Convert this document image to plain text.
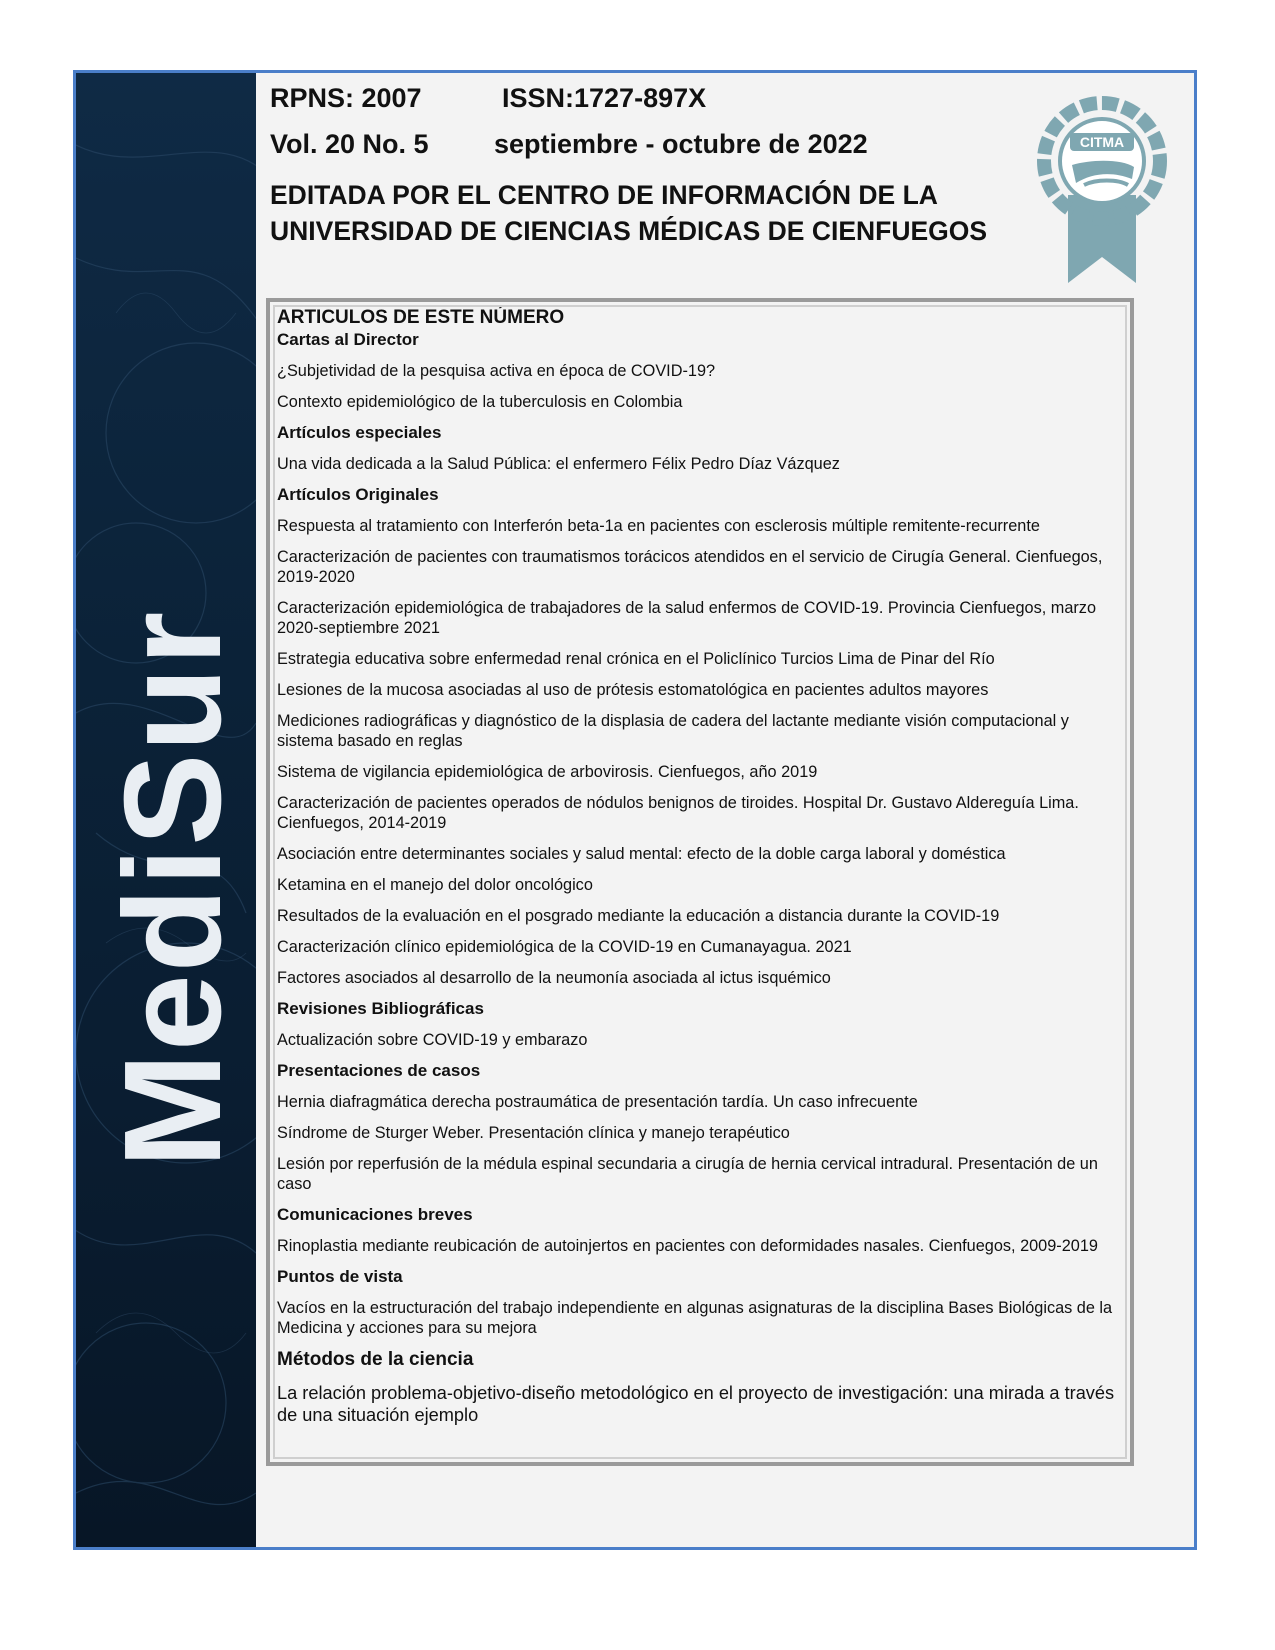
MediSur
RPNS: 2007	ISSN:1727-897X
Vol. 20 No. 5 septiembre - octubre de 2022
EDITADA POR EL CENTRO DE INFORMACIÓN DE LA
UNIVERSIDAD DE CIENCIAS MÉDICAS DE CIENFUEGOS
CITMA
ARTICULOS DE ESTE NÚMERO
Cartas al Director
¿Subjetividad de la pesquisa activa en época de COVID-19?
Contexto epidemiológico de la tuberculosis en Colombia
Artículos especiales
Una vida dedicada a la Salud Pública: el enfermero Félix Pedro Díaz Vázquez
Artículos Originales
Respuesta al tratamiento con Interferón beta-1a en pacientes con esclerosis múltiple remitente-recurrente
Caracterización de pacientes con traumatismos torácicos atendidos en el servicio de Cirugía General. Cienfuegos, 2019-2020
Caracterización epidemiológica de trabajadores de la salud enfermos de COVID-19. Provincia Cienfuegos, marzo 2020-septiembre 2021
Estrategia educativa sobre enfermedad renal crónica en el Policlínico Turcios Lima de Pinar del Río
Lesiones de la mucosa asociadas al uso de prótesis estomatológica en pacientes adultos mayores
Mediciones radiográficas y diagnóstico de la displasia de cadera del lactante mediante visión computacional y sistema basado en reglas
Sistema de vigilancia epidemiológica de arbovirosis. Cienfuegos, año 2019
Caracterización de pacientes operados de nódulos benignos de tiroides. Hospital Dr. Gustavo Aldereguía Lima. Cienfuegos, 2014-2019
Asociación entre determinantes sociales y salud mental: efecto de la doble carga laboral y doméstica
Ketamina en el manejo del dolor oncológico
Resultados de la evaluación en el posgrado mediante la educación a distancia durante la COVID-19
Caracterización clínico epidemiológica de la COVID-19 en Cumanayagua. 2021
Factores asociados al desarrollo de la neumonía asociada al ictus isquémico
Revisiones Bibliográficas
Actualización sobre COVID-19 y embarazo
Presentaciones de casos
Hernia diafragmática derecha postraumática de presentación tardía. Un caso infrecuente
Síndrome de Sturger Weber. Presentación clínica y manejo terapéutico
Lesión por reperfusión de la médula espinal secundaria a cirugía de hernia cervical intradural. Presentación de un caso
Comunicaciones breves
Rinoplastia mediante reubicación de autoinjertos en pacientes con deformidades nasales. Cienfuegos, 2009-2019
Puntos de vista
Vacíos en la estructuración del trabajo independiente en algunas asignaturas de la disciplina Bases Biológicas de la Medicina y acciones para su mejora
Métodos de la ciencia
La relación problema-objetivo-diseño metodológico en el proyecto de investigación: una mirada a través de una situación ejemplo
